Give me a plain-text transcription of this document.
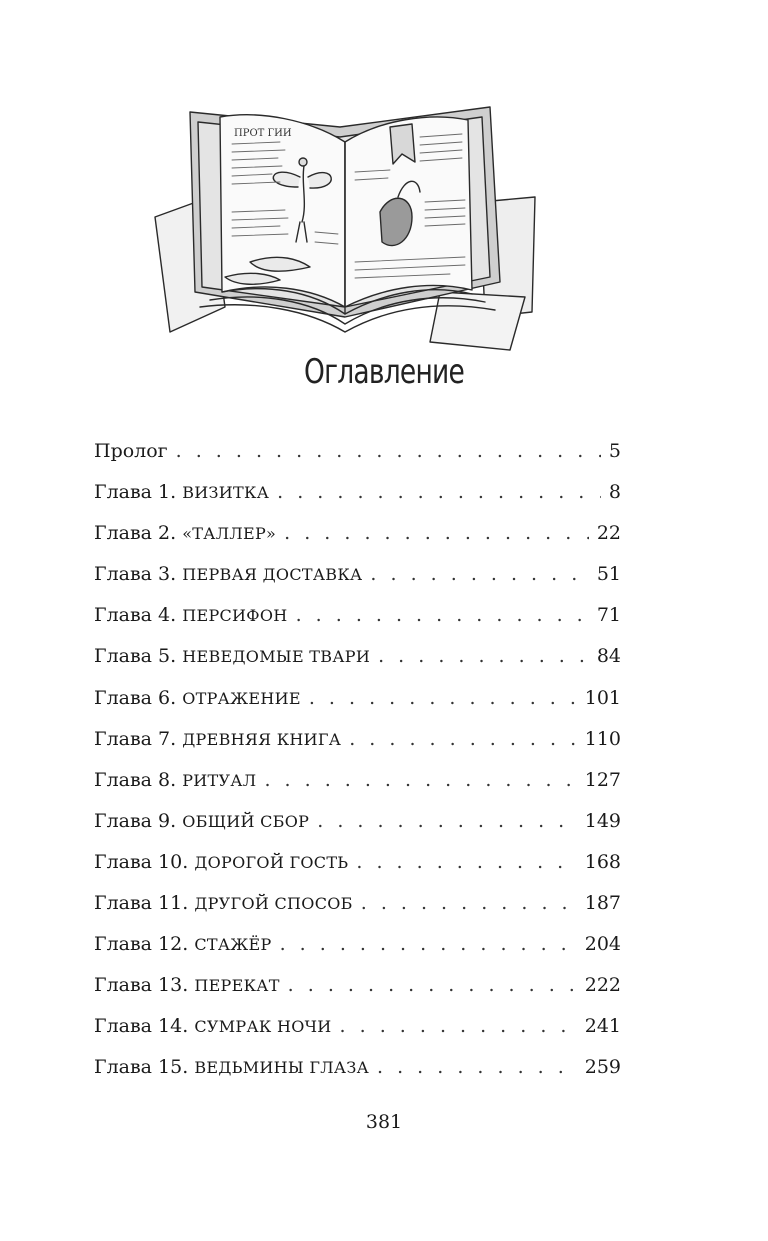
ПРОТ ГИИ
Оглавление
Пролог . . .	5
Глава 1. ВИЗИТКА . . .	8
Глава 2. «ТАЛЛЕР» . . .	22
Глава 3. ПЕРВАЯ ДОСТАВКА . . .	51
Глава 4. ПЕРСИФОН . . .	71
Глава 5. НЕВЕДОМЫЕ ТВАРИ . . .	84
Глава 6. ОТРАЖЕНИЕ . . .	101
Глава 7. ДРЕВНЯЯ КНИГА . . .	110
Глава 8. РИТУАЛ . . .	127
Глава 9. ОБЩИЙ СБОР . . .	149
Глава 10. ДОРОГОЙ ГОСТЬ . . .	168
Глава 11. ДРУГОЙ СПОСОБ . . .	187
Глава 12. СТАЖЁР . . .	204
Глава 13. ПЕРЕКАТ . . .	222
Глава 14. СУМРАК НОЧИ . . .	241
Глава 15. ВЕДЬМИНЫ ГЛАЗА . . .	259
381
